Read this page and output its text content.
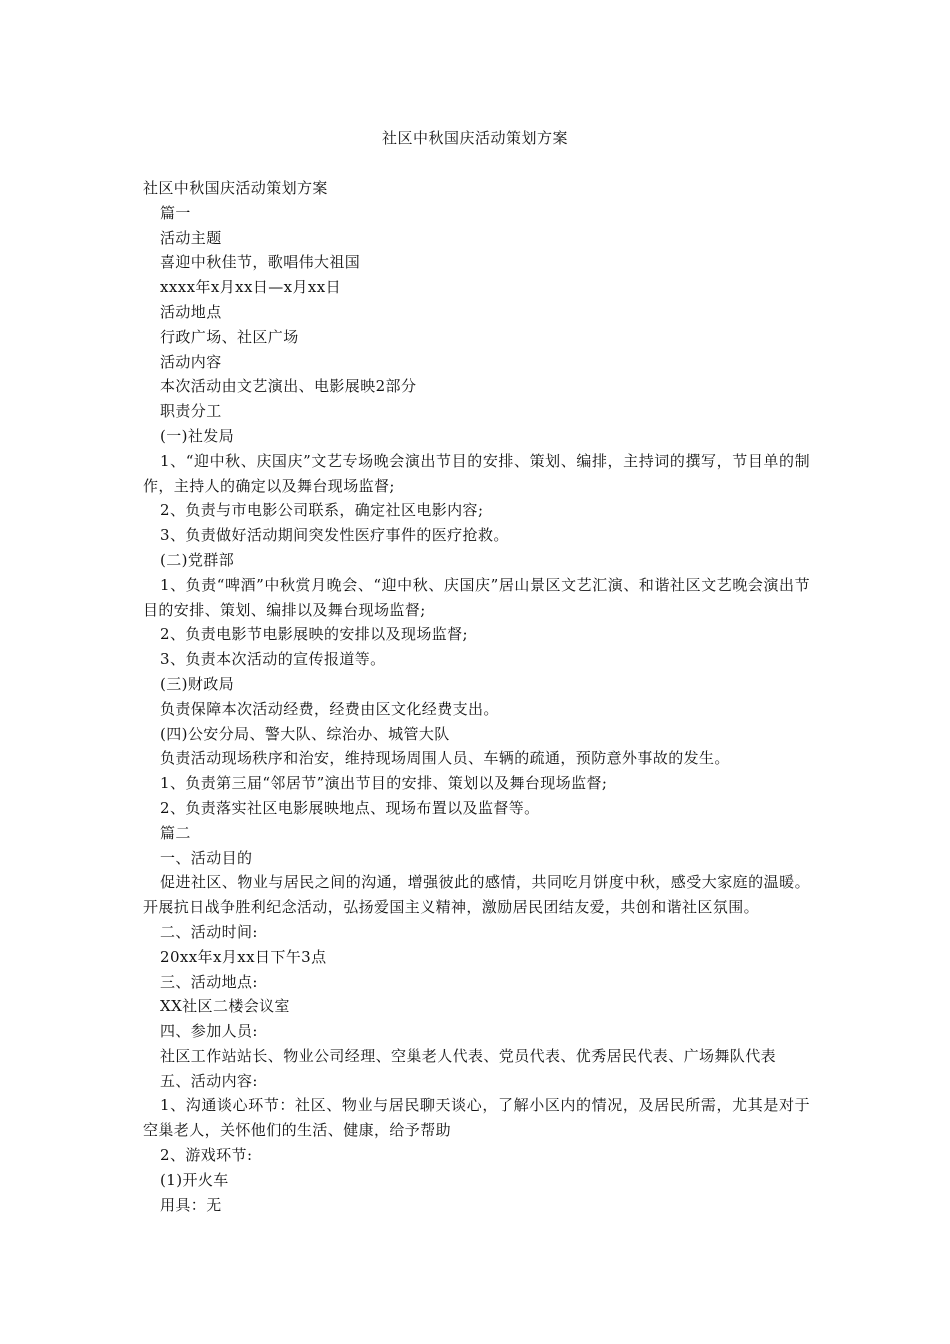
社区中秋国庆活动策划方案

社区中秋国庆活动策划方案

篇一

活动主题

喜迎中秋佳节，歌唱伟大祖国

xxxx年x月xx日—x月xx日

活动地点

行政广场、社区广场

活动内容

本次活动由文艺演出、电影展映2部分

职责分工

(一)社发局

1、“迎中秋、庆国庆”文艺专场晚会演出节目的安排、策划、编排，主持词的撰写，节目单的制作，主持人的确定以及舞台现场监督;

2、负责与市电影公司联系，确定社区电影内容;

3、负责做好活动期间突发性医疗事件的医疗抢救。

(二)党群部

1、负责“啤酒”中秋赏月晚会、“迎中秋、庆国庆”居山景区文艺汇演、和谐社区文艺晚会演出节目的安排、策划、编排以及舞台现场监督;

2、负责电影节电影展映的安排以及现场监督;

3、负责本次活动的宣传报道等。

(三)财政局

负责保障本次活动经费，经费由区文化经费支出。

(四)公安分局、警大队、综治办、城管大队

负责活动现场秩序和治安，维持现场周围人员、车辆的疏通，预防意外事故的发生。

1、负责第三届“邻居节”演出节目的安排、策划以及舞台现场监督;

2、负责落实社区电影展映地点、现场布置以及监督等。

篇二

一、活动目的

促进社区、物业与居民之间的沟通，增强彼此的感情，共同吃月饼度中秋，感受大家庭的温暖。开展抗日战争胜利纪念活动，弘扬爱国主义精神，激励居民团结友爱，共创和谐社区氛围。

二、活动时间:

20xx年x月xx日下午3点

三、活动地点:

XX社区二楼会议室

四、参加人员:

社区工作站站长、物业公司经理、空巢老人代表、党员代表、优秀居民代表、广场舞队代表

五、活动内容:

1、沟通谈心环节：社区、物业与居民聊天谈心，了解小区内的情况，及居民所需，尤其是对于空巢老人，关怀他们的生活、健康，给予帮助

2、游戏环节:

(1)开火车

用具：无
